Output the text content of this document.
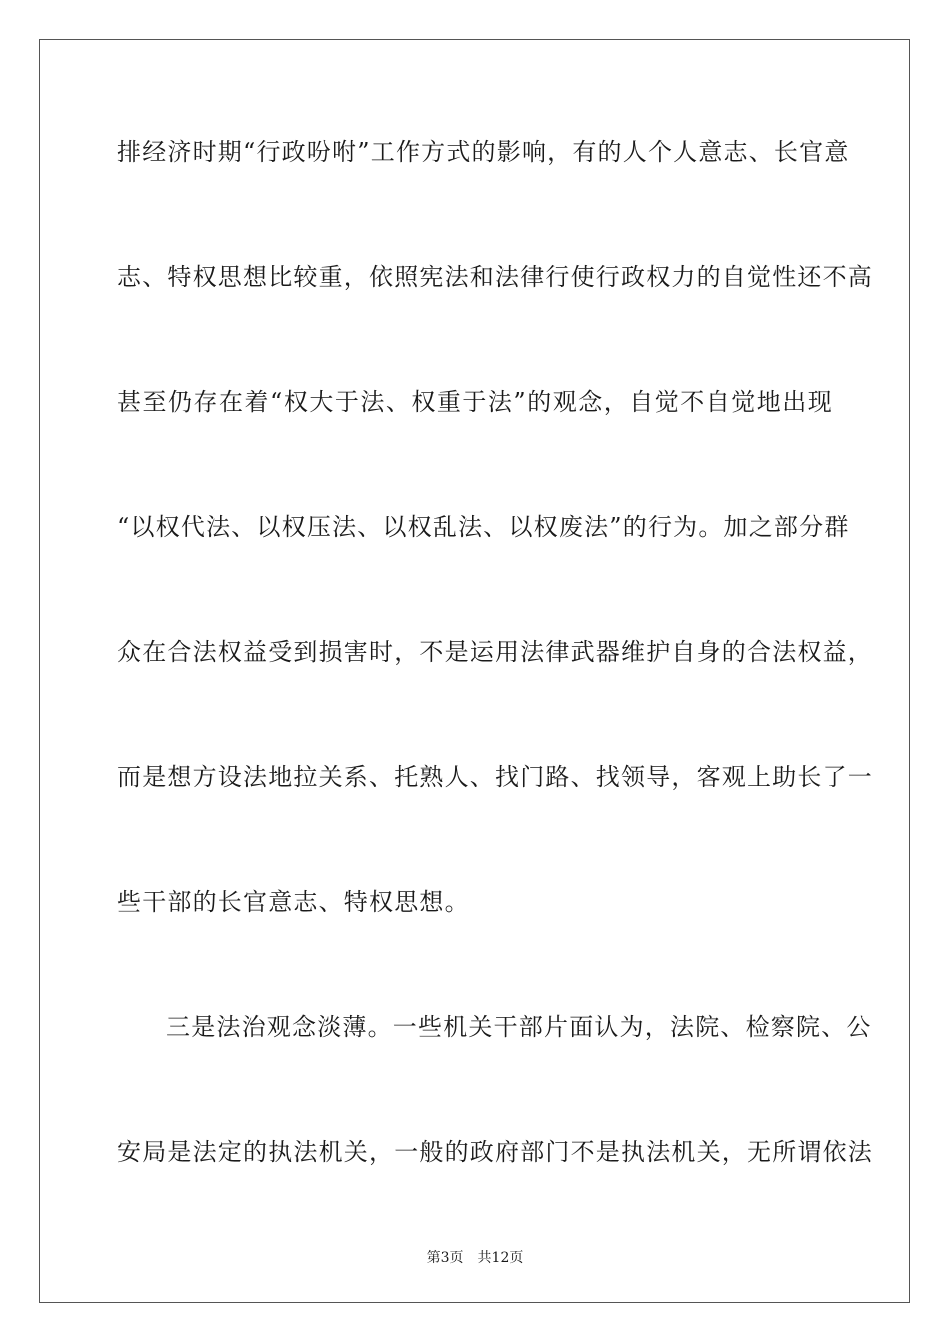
排经济时期“行政吩咐”工作方式的影响，有的人个人意志、长官意
志、特权思想比较重，依照宪法和法律行使行政权力的自觉性还不高
甚至仍存在着“权大于法、权重于法”的观念，自觉不自觉地出现
“以权代法、以权压法、以权乱法、以权废法”的行为。加之部分群
众在合法权益受到损害时，不是运用法律武器维护自身的合法权益，
而是想方设法地拉关系、托熟人、找门路、找领导，客观上助长了一
些干部的长官意志、特权思想。
三是法治观念淡薄。一些机关干部片面认为，法院、检察院、公
安局是法定的执法机关，一般的政府部门不是执法机关，无所谓依法
第3页 共12页
